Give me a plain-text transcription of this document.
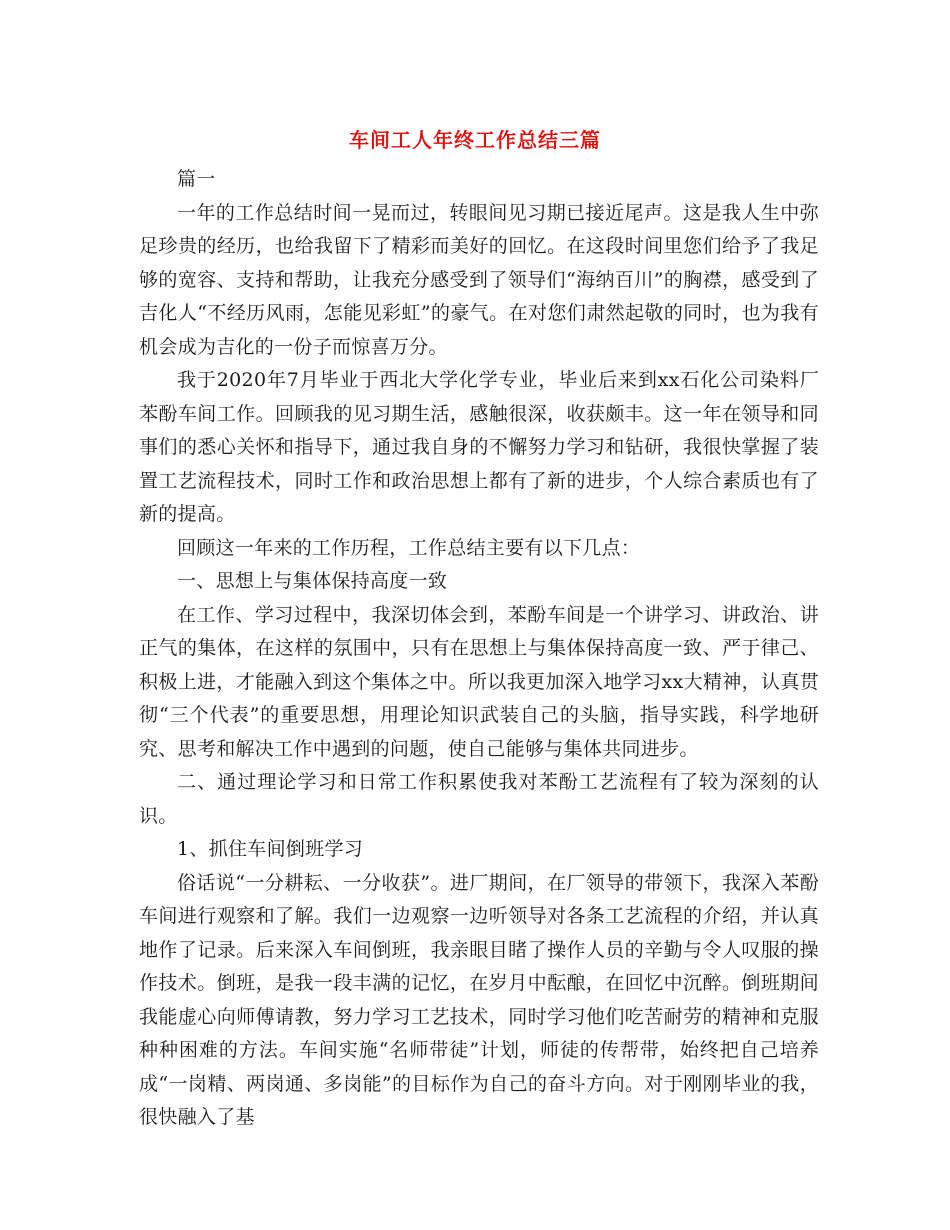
车间工人年终工作总结三篇

篇一

一年的工作总结时间一晃而过，转眼间见习期已接近尾声。这是我人生中弥足珍贵的经历，也给我留下了精彩而美好的回忆。在这段时间里您们给予了我足够的宽容、支持和帮助，让我充分感受到了领导们“海纳百川”的胸襟，感受到了吉化人“不经历风雨，怎能见彩虹”的豪气。在对您们肃然起敬的同时，也为我有机会成为吉化的一份子而惊喜万分。

我于2020年7月毕业于西北大学化学专业，毕业后来到xx石化公司染料厂苯酚车间工作。回顾我的见习期生活，感触很深，收获颇丰。这一年在领导和同事们的悉心关怀和指导下，通过我自身的不懈努力学习和钻研，我很快掌握了装置工艺流程技术，同时工作和政治思想上都有了新的进步，个人综合素质也有了新的提高。

回顾这一年来的工作历程，工作总结主要有以下几点：

一、思想上与集体保持高度一致

在工作、学习过程中，我深切体会到，苯酚车间是一个讲学习、讲政治、讲正气的集体，在这样的氛围中，只有在思想上与集体保持高度一致、严于律己、积极上进，才能融入到这个集体之中。所以我更加深入地学习xx大精神，认真贯彻“三个代表”的重要思想，用理论知识武装自己的头脑，指导实践，科学地研究、思考和解决工作中遇到的问题，使自己能够与集体共同进步。

二、通过理论学习和日常工作积累使我对苯酚工艺流程有了较为深刻的认识。

1、抓住车间倒班学习

俗话说“一分耕耘、一分收获”。进厂期间，在厂领导的带领下，我深入苯酚车间进行观察和了解。我们一边观察一边听领导对各条工艺流程的介绍，并认真地作了记录。后来深入车间倒班，我亲眼目睹了操作人员的辛勤与令人叹服的操作技术。倒班，是我一段丰满的记忆，在岁月中酝酿，在回忆中沉醉。倒班期间我能虚心向师傅请教，努力学习工艺技术，同时学习他们吃苦耐劳的精神和克服种种困难的方法。车间实施“名师带徒”计划，师徒的传帮带，始终把自己培养成“一岗精、两岗通、多岗能”的目标作为自己的奋斗方向。对于刚刚毕业的我，很快融入了基
